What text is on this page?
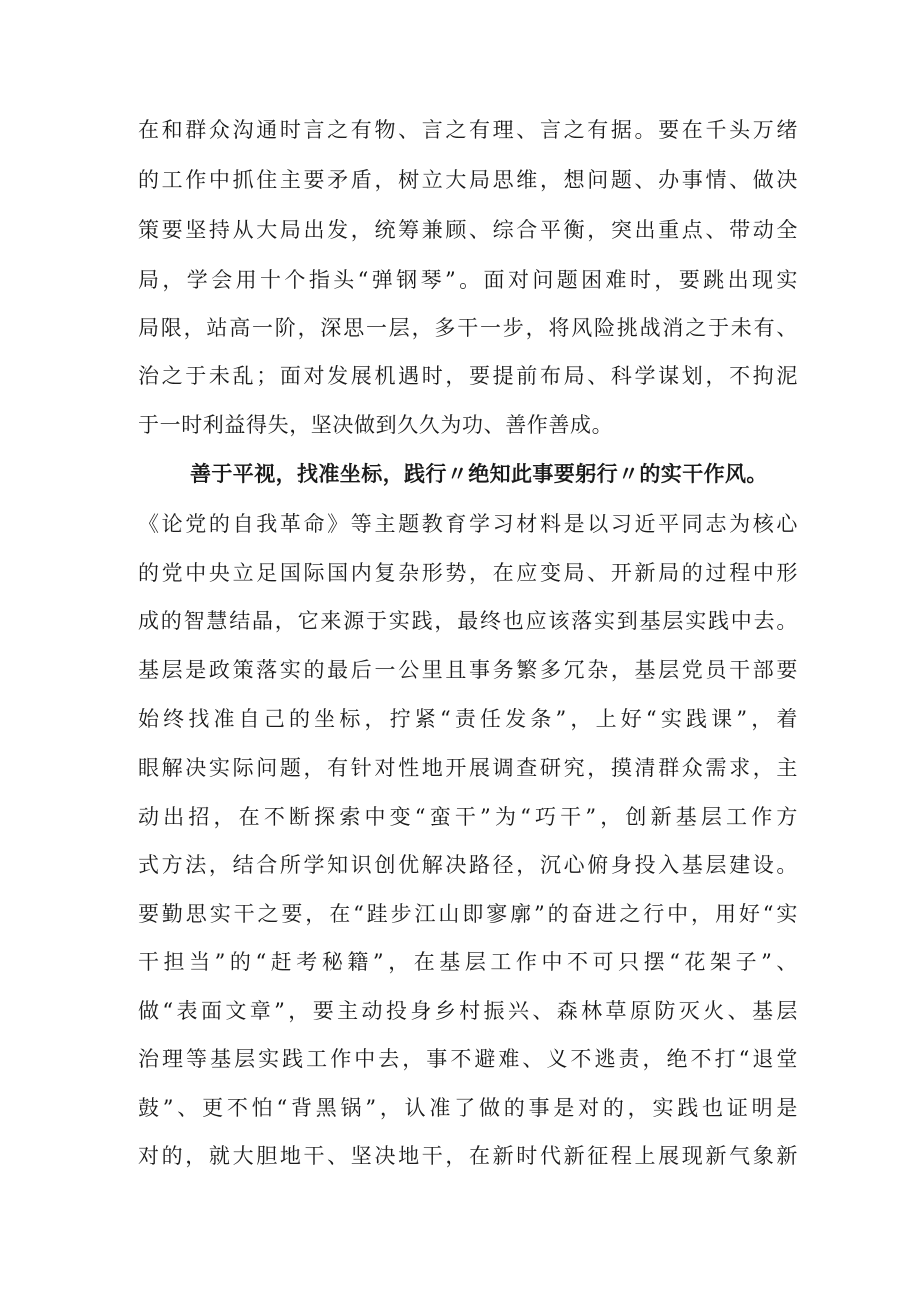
在和群众沟通时言之有物、言之有理、言之有据。要在千头万绪
的工作中抓住主要矛盾，树立大局思维，想问题、办事情、做决
策要坚持从大局出发，统筹兼顾、综合平衡，突出重点、带动全
局，学会用十个指头“弹钢琴”。面对问题困难时，要跳出现实
局限，站高一阶，深思一层，多干一步，将风险挑战消之于未有、
治之于未乱；面对发展机遇时，要提前布局、科学谋划，不拘泥
于一时利益得失，坚决做到久久为功、善作善成。
善于平视，找准坐标，践行〃绝知此事要躬行〃的实干作风。
《论党的自我革命》等主题教育学习材料是以习近平同志为核心
的党中央立足国际国内复杂形势，在应变局、开新局的过程中形
成的智慧结晶，它来源于实践，最终也应该落实到基层实践中去。
基层是政策落实的最后一公里且事务繁多冗杂，基层党员干部要
始终找准自己的坐标，拧紧“责任发条”，上好“实践课”，着
眼解决实际问题，有针对性地开展调查研究，摸清群众需求，主
动出招，在不断探索中变“蛮干”为“巧干”，创新基层工作方
式方法，结合所学知识创优解决路径，沉心俯身投入基层建设。
要勤思实干之要，在“跬步江山即寥廓”的奋进之行中，用好“实
干担当”的“赶考秘籍”，在基层工作中不可只摆“花架子”、
做“表面文章”，要主动投身乡村振兴、森林草原防灭火、基层
治理等基层实践工作中去，事不避难、义不逃责，绝不打“退堂
鼓”、更不怕“背黑锅”，认准了做的事是对的，实践也证明是
对的，就大胆地干、坚决地干，在新时代新征程上展现新气象新
